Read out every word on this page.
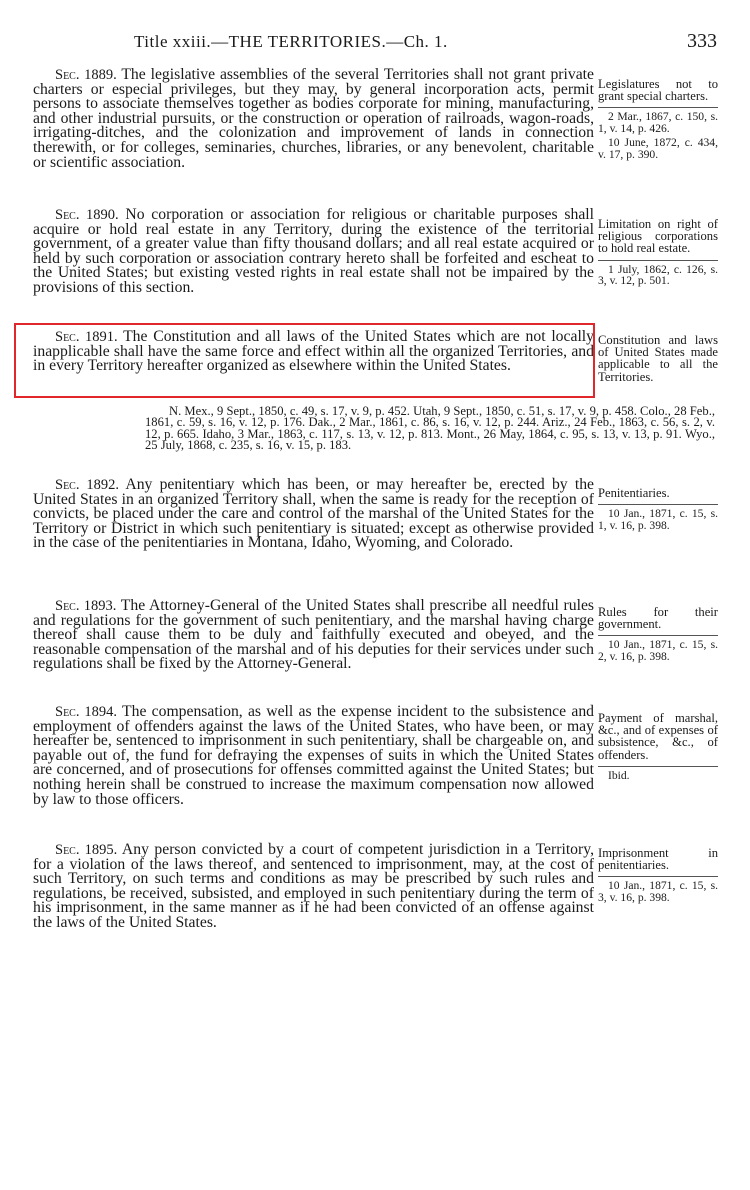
Title xxiii.—THE TERRITORIES.—Ch. 1.	333

Sec. 1889. The legislative assemblies of the several Territories shall not grant private charters or especial privileges, but they may, by general incorporation acts, permit persons to associate themselves together as bodies corporate for mining, manufacturing, and other industrial pursuits, or the construction or operation of railroads, wagon-roads, irrigating-ditches, and the colonization and improvement of lands in connection therewith, or for colleges, seminaries, churches, libraries, or any benevolent, charitable or scientific association.

Legislatures not to grant special charters.
2 Mar., 1867, c. 150, s. 1, v. 14, p. 426.
10 June, 1872, c. 434, v. 17, p. 390.

Sec. 1890. No corporation or association for religious or charitable purposes shall acquire or hold real estate in any Territory, during the existence of the territorial government, of a greater value than fifty thousand dollars; and all real estate acquired or held by such corporation or association contrary hereto shall be forfeited and escheat to the United States; but existing vested rights in real estate shall not be impaired by the provisions of this section.

Limitation on right of religious corporations to hold real estate.
1 July, 1862, c. 126, s. 3, v. 12, p. 501.

Sec. 1891. The Constitution and all laws of the United States which are not locally inapplicable shall have the same force and effect within all the organized Territories, and in every Territory hereafter organized as elsewhere within the United States.

Constitution and laws of United States made applicable to all the Territories.

N. Mex., 9 Sept., 1850, c. 49, s. 17, v. 9, p. 452. Utah, 9 Sept., 1850, c. 51, s. 17, v. 9, p. 458. Colo., 28 Feb., 1861, c. 59, s. 16, v. 12, p. 176. Dak., 2 Mar., 1861, c. 86, s. 16, v. 12, p. 244. Ariz., 24 Feb., 1863, c. 56, s. 2, v. 12, p. 665. Idaho, 3 Mar., 1863, c. 117, s. 13, v. 12, p. 813. Mont., 26 May, 1864, c. 95, s. 13, v. 13, p. 91. Wyo., 25 July, 1868, c. 235, s. 16, v. 15, p. 183.

Sec. 1892. Any penitentiary which has been, or may hereafter be, erected by the United States in an organized Territory shall, when the same is ready for the reception of convicts, be placed under the care and control of the marshal of the United States for the Territory or District in which such penitentiary is situated; except as otherwise provided in the case of the penitentiaries in Montana, Idaho, Wyoming, and Colorado.

Penitentiaries.
10 Jan., 1871, c. 15, s. 1, v. 16, p. 398.

Sec. 1893. The Attorney-General of the United States shall prescribe all needful rules and regulations for the government of such penitentiary, and the marshal having charge thereof shall cause them to be duly and faithfully executed and obeyed, and the reasonable compensation of the marshal and of his deputies for their services under such regulations shall be fixed by the Attorney-General.

Rules for their government.
10 Jan., 1871, c. 15, s. 2, v. 16, p. 398.

Sec. 1894. The compensation, as well as the expense incident to the subsistence and employment of offenders against the laws of the United States, who have been, or may hereafter be, sentenced to imprisonment in such penitentiary, shall be chargeable on, and payable out of, the fund for defraying the expenses of suits in which the United States are concerned, and of prosecutions for offenses committed against the United States; but nothing herein shall be construed to increase the maximum compensation now allowed by law to those officers.

Payment of marshal, &c., and of expenses of subsistence, &c., of offenders.
Ibid.

Sec. 1895. Any person convicted by a court of competent jurisdiction in a Territory, for a violation of the laws thereof, and sentenced to imprisonment, may, at the cost of such Territory, on such terms and conditions as may be prescribed by such rules and regulations, be received, subsisted, and employed in such penitentiary during the term of his imprisonment, in the same manner as if he had been convicted of an offense against the laws of the United States.

Imprisonment in penitentiaries.
10 Jan., 1871, c. 15, s. 3, v. 16, p. 398.
